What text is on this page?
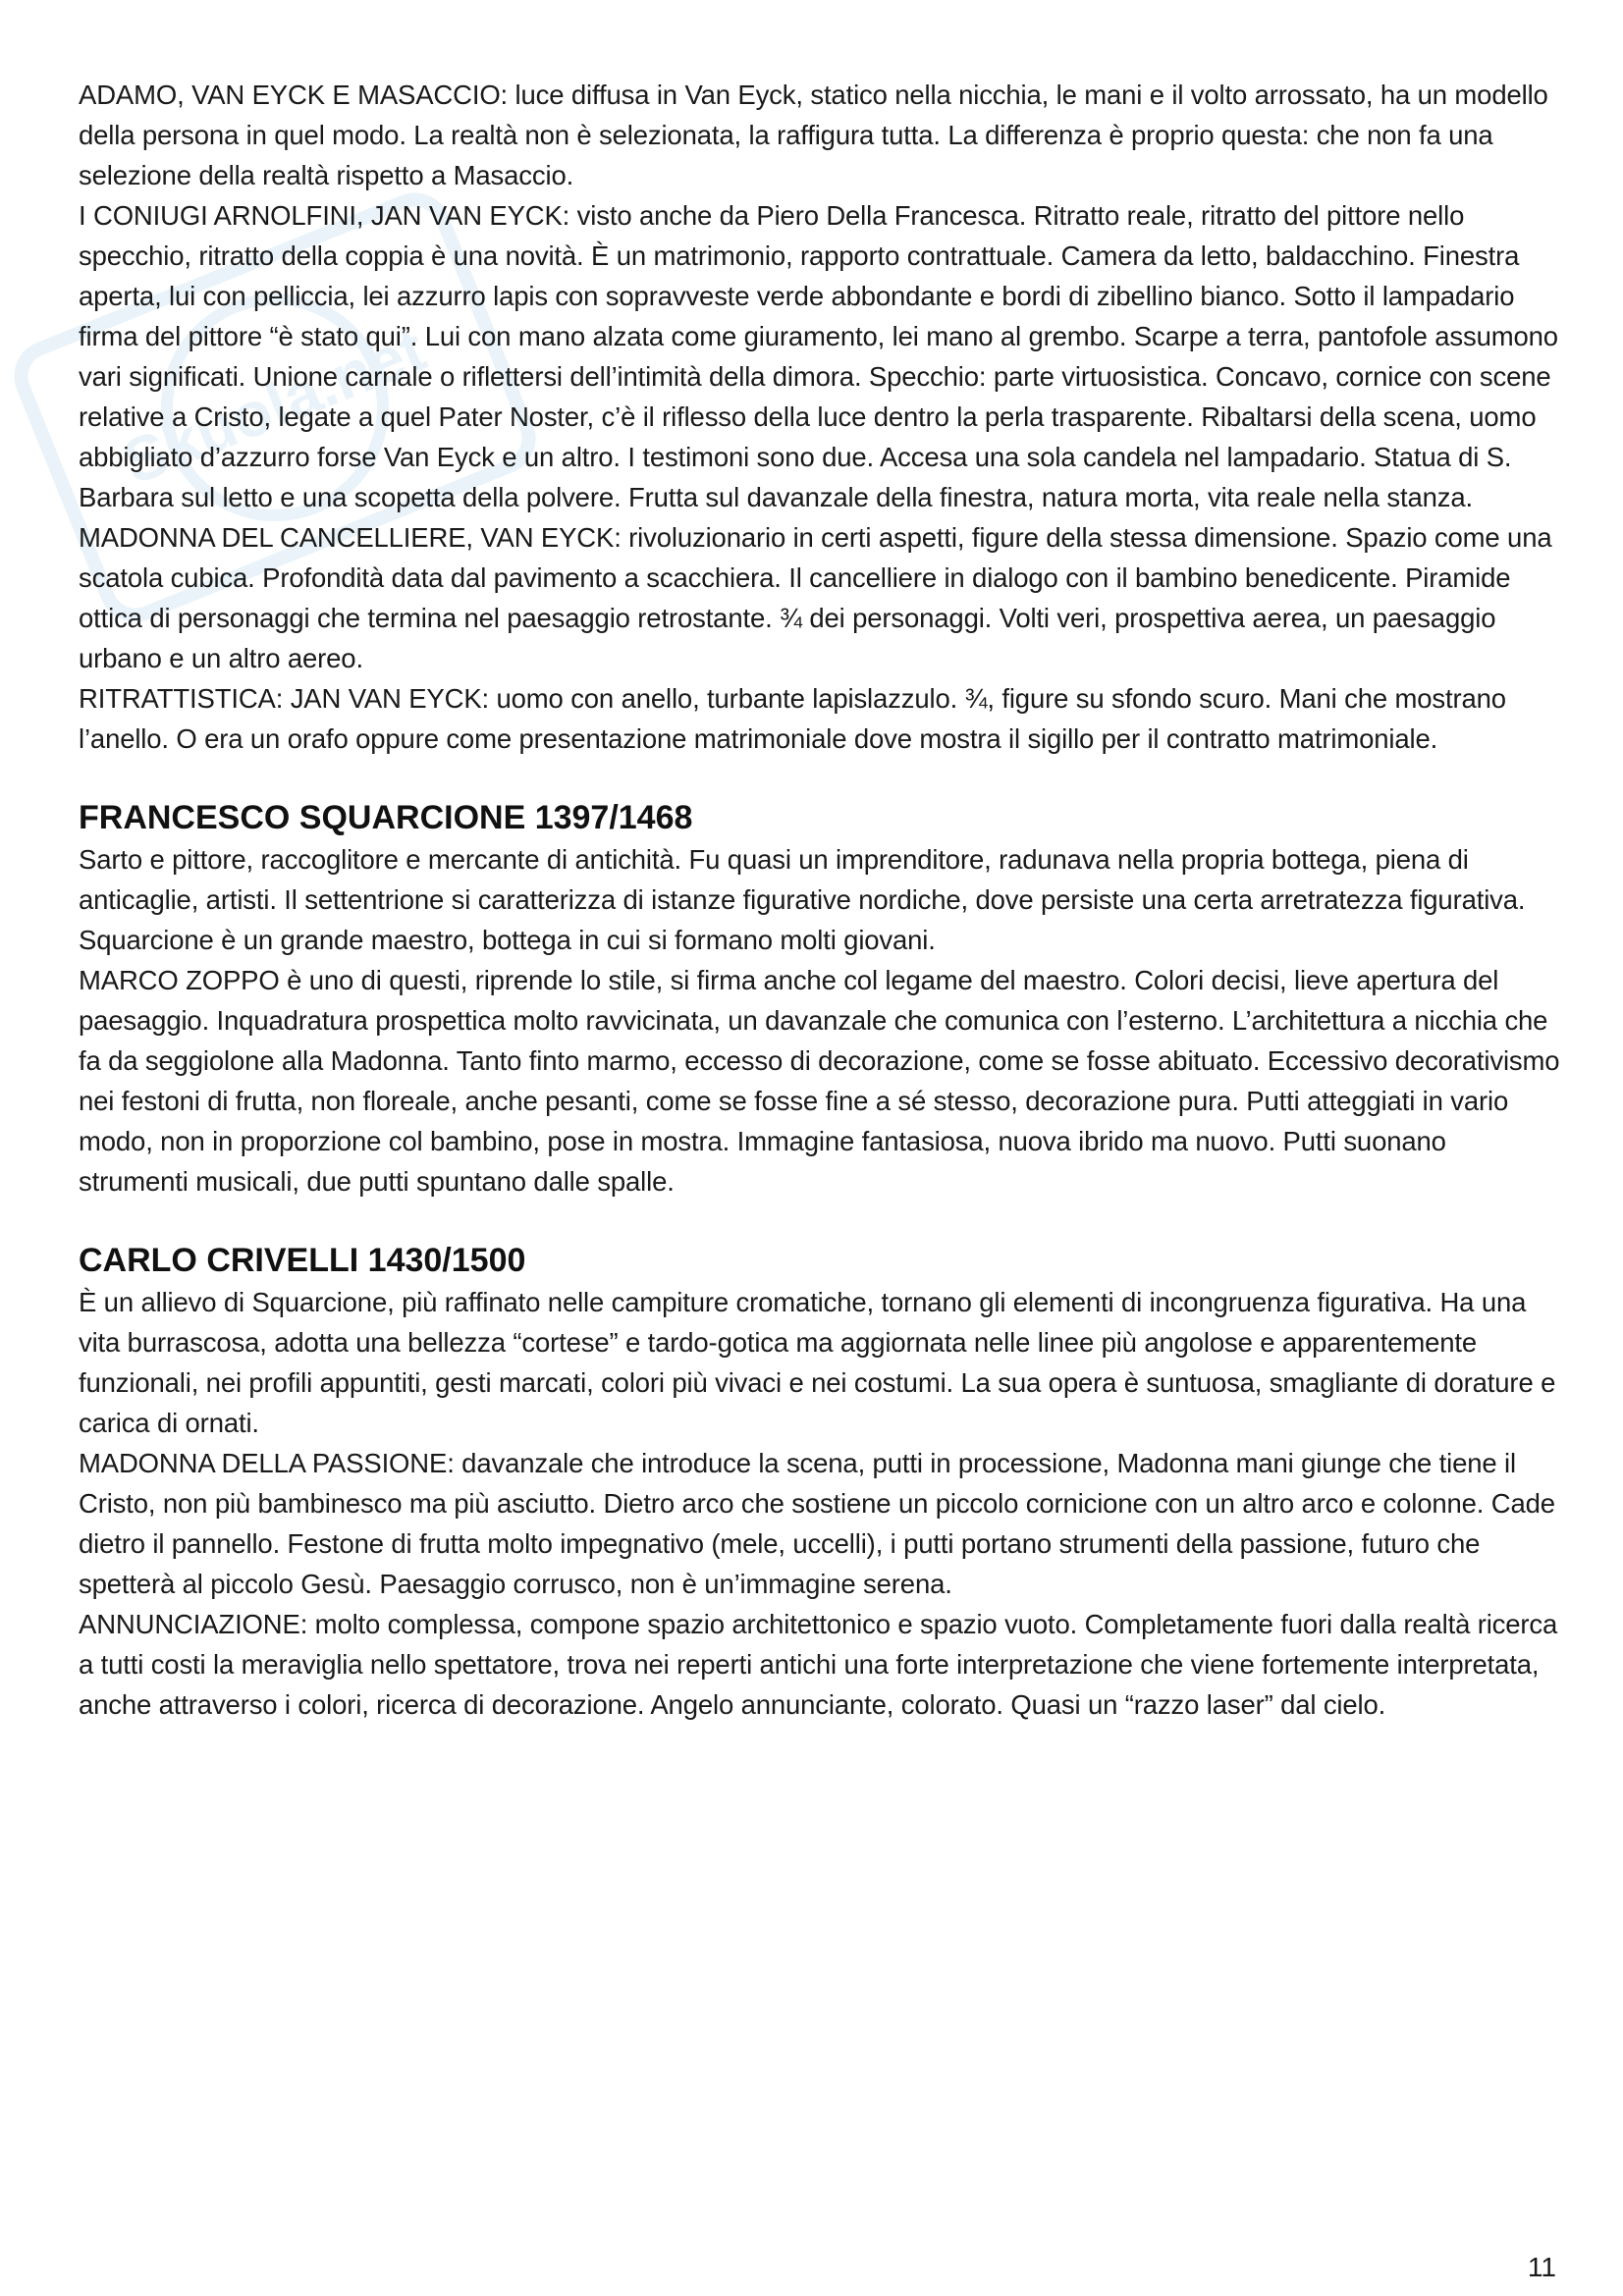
Skuola.net

ADAMO, VAN EYCK E MASACCIO: luce diffusa in Van Eyck, statico nella nicchia, le mani e il volto arrossato, ha un modello della persona in quel modo. La realtà non è selezionata, la raffigura tutta. La differenza è proprio questa: che non fa una selezione della realtà rispetto a Masaccio.

I CONIUGI ARNOLFINI, JAN VAN EYCK: visto anche da Piero Della Francesca. Ritratto reale, ritratto del pittore nello specchio, ritratto della coppia è una novità. È un matrimonio, rapporto contrattuale. Camera da letto, baldacchino. Finestra aperta, lui con pelliccia, lei azzurro lapis con sopravveste verde abbondante e bordi di zibellino bianco. Sotto il lampadario firma del pittore “è stato qui”. Lui con mano alzata come giuramento, lei mano al grembo. Scarpe a terra, pantofole assumono vari significati. Unione carnale o riflettersi dell’intimità della dimora. Specchio: parte virtuosistica. Concavo, cornice con scene relative a Cristo, legate a quel Pater Noster, c’è il riflesso della luce dentro la perla trasparente. Ribaltarsi della scena, uomo abbigliato d’azzurro forse Van Eyck e un altro. I testimoni sono due. Accesa una sola candela nel lampadario. Statua di S. Barbara sul letto e una scopetta della polvere. Frutta sul davanzale della finestra, natura morta, vita reale nella stanza.

MADONNA DEL CANCELLIERE, VAN EYCK: rivoluzionario in certi aspetti, figure della stessa dimensione. Spazio come una scatola cubica. Profondità data dal pavimento a scacchiera. Il cancelliere in dialogo con il bambino benedicente. Piramide ottica di personaggi che termina nel paesaggio retrostante. ¾ dei personaggi. Volti veri, prospettiva aerea, un paesaggio urbano e un altro aereo.

RITRATTISTICA: JAN VAN EYCK: uomo con anello, turbante lapislazzulo. ¾, figure su sfondo scuro. Mani che mostrano l’anello. O era un orafo oppure come presentazione matrimoniale dove mostra il sigillo per il contratto matrimoniale.

FRANCESCO SQUARCIONE 1397/1468

Sarto e pittore, raccoglitore e mercante di antichità. Fu quasi un imprenditore, radunava nella propria bottega, piena di anticaglie, artisti. Il settentrione si caratterizza di istanze figurative nordiche, dove persiste una certa arretratezza figurativa. Squarcione è un grande maestro, bottega in cui si formano molti giovani.

MARCO ZOPPO è uno di questi, riprende lo stile, si firma anche col legame del maestro. Colori decisi, lieve apertura del paesaggio. Inquadratura prospettica molto ravvicinata, un davanzale che comunica con l’esterno. L’architettura a nicchia che fa da seggiolone alla Madonna. Tanto finto marmo, eccesso di decorazione, come se fosse abituato. Eccessivo decorativismo nei festoni di frutta, non floreale, anche pesanti, come se fosse fine a sé stesso, decorazione pura. Putti atteggiati in vario modo, non in proporzione col bambino, pose in mostra. Immagine fantasiosa, nuova ibrido ma nuovo. Putti suonano strumenti musicali, due putti spuntano dalle spalle.

CARLO CRIVELLI 1430/1500

È un allievo di Squarcione, più raffinato nelle campiture cromatiche, tornano gli elementi di incongruenza figurativa. Ha una vita burrascosa, adotta una bellezza “cortese” e tardo-gotica ma aggiornata nelle linee più angolose e apparentemente funzionali, nei profili appuntiti, gesti marcati, colori più vivaci e nei costumi. La sua opera è suntuosa, smagliante di dorature e carica di ornati.

MADONNA DELLA PASSIONE: davanzale che introduce la scena, putti in processione, Madonna mani giunge che tiene il Cristo, non più bambinesco ma più asciutto. Dietro arco che sostiene un piccolo cornicione con un altro arco e colonne. Cade dietro il pannello. Festone di frutta molto impegnativo (mele, uccelli), i putti portano strumenti della passione, futuro che spetterà al piccolo Gesù. Paesaggio corrusco, non è un’immagine serena.

ANNUNCIAZIONE: molto complessa, compone spazio architettonico e spazio vuoto. Completamente fuori dalla realtà ricerca a tutti costi la meraviglia nello spettatore, trova nei reperti antichi una forte interpretazione che viene fortemente interpretata, anche attraverso i colori, ricerca di decorazione. Angelo annunciante, colorato. Quasi un “razzo laser” dal cielo.

11
